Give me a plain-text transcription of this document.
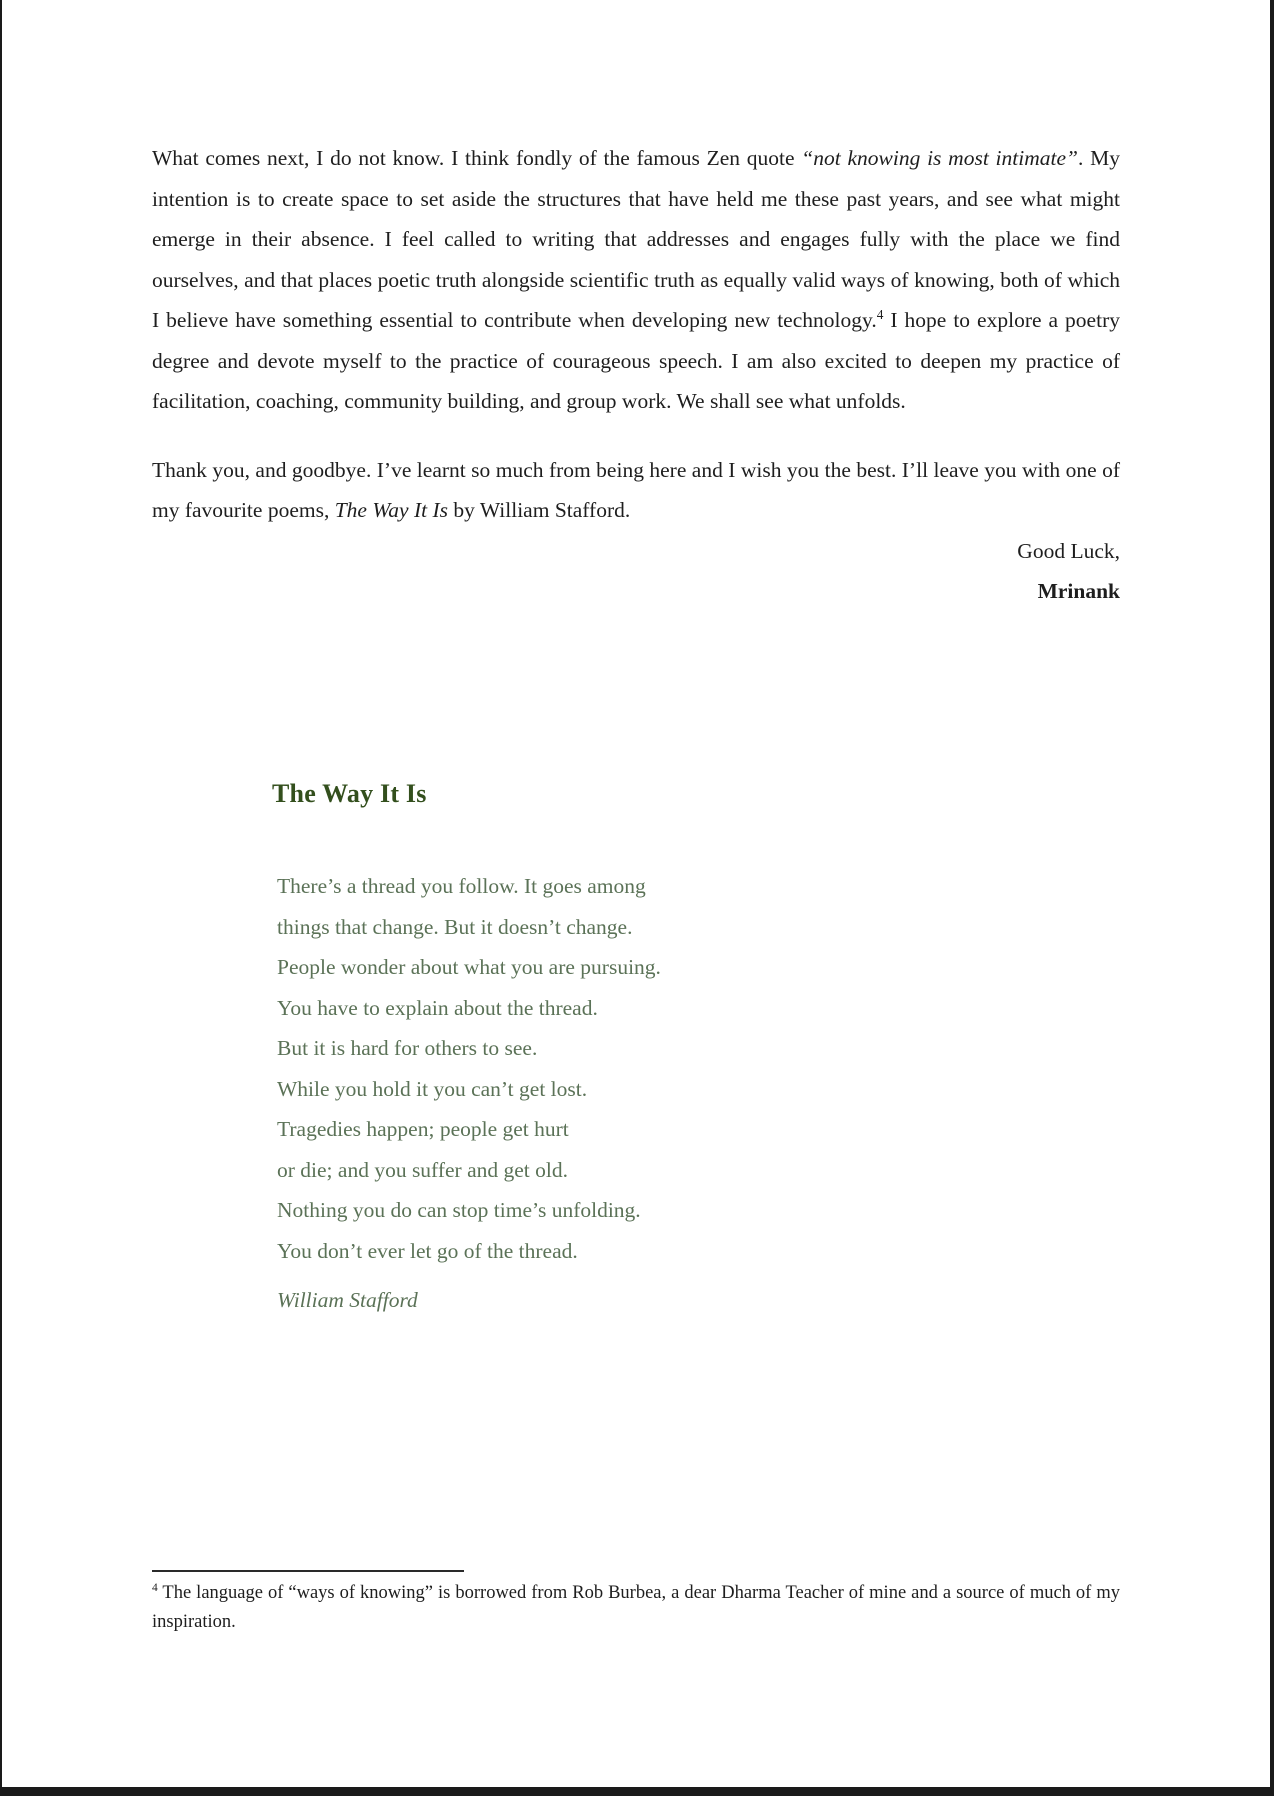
What comes next, I do not know. I think fondly of the famous Zen quote “not knowing is most intimate”. My intention is to create space to set aside the structures that have held me these past years, and see what might emerge in their absence. I feel called to writing that addresses and engages fully with the place we find ourselves, and that places poetic truth alongside scientific truth as equally valid ways of knowing, both of which I believe have something essential to contribute when developing new technology.$^4$ I hope to explore a poetry degree and devote myself to the practice of courageous speech. I am also excited to deepen my practice of facilitation, coaching, community building, and group work. We shall see what unfolds.

Thank you, and goodbye. I’ve learnt so much from being here and I wish you the best. I’ll leave you with one of my favourite poems, The Way It Is by William Stafford.

Good Luck,
Mrinank
The Way It Is
There’s a thread you follow. It goes among
things that change. But it doesn’t change.
People wonder about what you are pursuing.
You have to explain about the thread.
But it is hard for others to see.
While you hold it you can’t get lost.
Tragedies happen; people get hurt
or die; and you suffer and get old.
Nothing you do can stop time’s unfolding.
You don’t ever let go of the thread.
William Stafford
$^4$ The language of “ways of knowing” is borrowed from Rob Burbea, a dear Dharma Teacher of mine and a source of much of my inspiration.
